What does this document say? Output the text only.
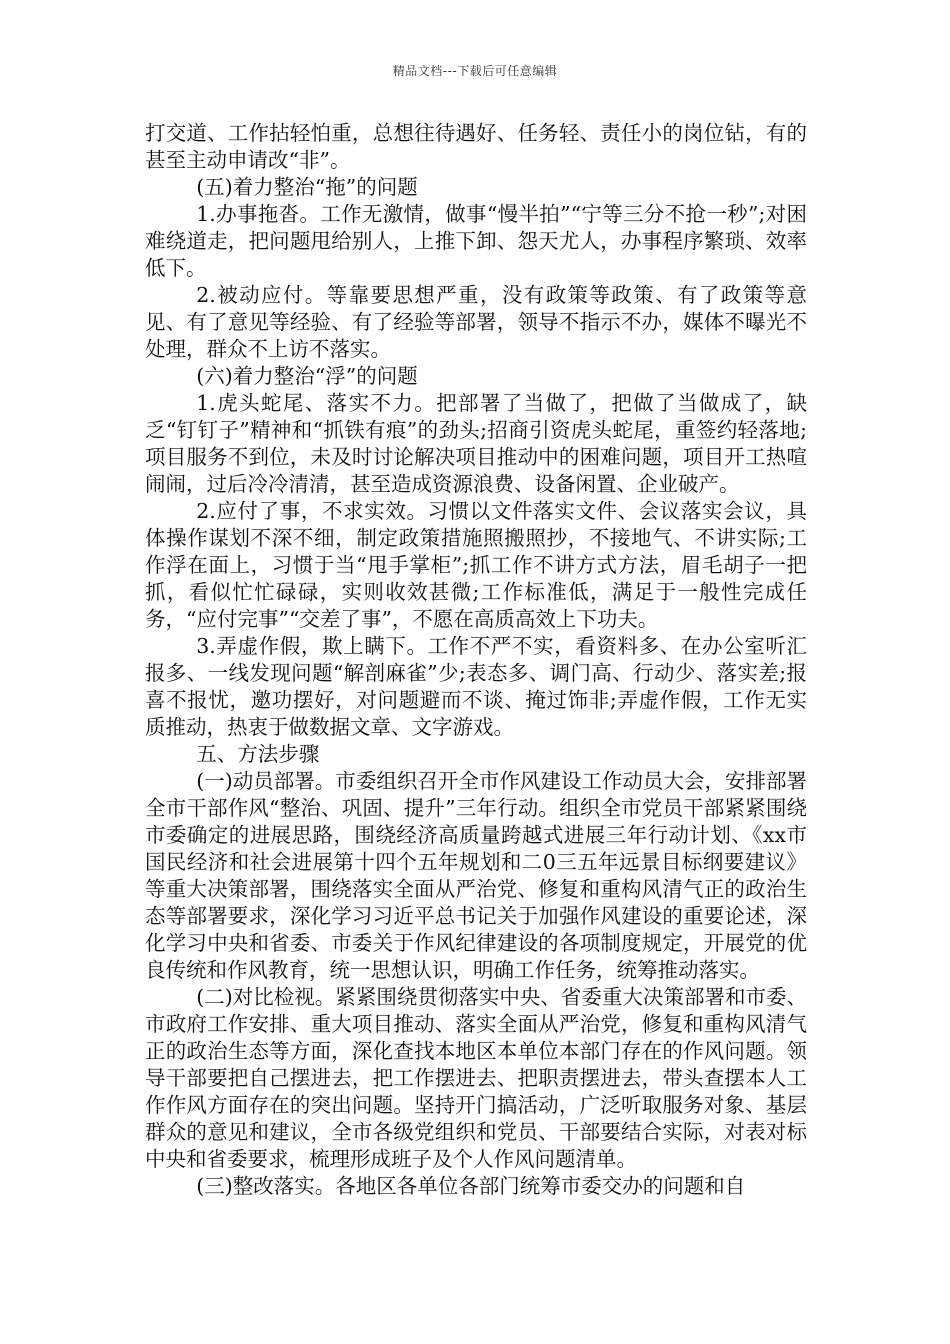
精品文档---下载后可任意编辑

打交道、工作拈轻怕重，总想往待遇好、任务轻、责任小的岗位钻，有的甚至主动申请改“非”。

(五)着力整治“拖”的问题

1.办事拖沓。工作无激情，做事“慢半拍”“宁等三分不抢一秒”;对困难绕道走，把问题甩给别人，上推下卸、怨天尤人，办事程序繁琐、效率低下。

2.被动应付。等靠要思想严重，没有政策等政策、有了政策等意见、有了意见等经验、有了经验等部署，领导不指示不办，媒体不曝光不处理，群众不上访不落实。

(六)着力整治“浮”的问题

1.虎头蛇尾、落实不力。把部署了当做了，把做了当做成了，缺乏“钉钉子”精神和“抓铁有痕”的劲头;招商引资虎头蛇尾，重签约轻落地;项目服务不到位，未及时讨论解决项目推动中的困难问题，项目开工热喧闹闹，过后冷冷清清，甚至造成资源浪费、设备闲置、企业破产。

2.应付了事，不求实效。习惯以文件落实文件、会议落实会议，具体操作谋划不深不细，制定政策措施照搬照抄，不接地气、不讲实际;工作浮在面上，习惯于当“甩手掌柜”;抓工作不讲方式方法，眉毛胡子一把抓，看似忙忙碌碌，实则收效甚微;工作标准低，满足于一般性完成任务，“应付完事”“交差了事”，不愿在高质高效上下功夫。

3.弄虚作假，欺上瞒下。工作不严不实，看资料多、在办公室听汇报多、一线发现问题“解剖麻雀”少;表态多、调门高、行动少、落实差;报喜不报忧，邀功摆好，对问题避而不谈、掩过饰非;弄虚作假，工作无实质推动，热衷于做数据文章、文字游戏。

五、方法步骤

(一)动员部署。市委组织召开全市作风建设工作动员大会，安排部署全市干部作风“整治、巩固、提升”三年行动。组织全市党员干部紧紧围绕市委确定的进展思路，围绕经济高质量跨越式进展三年行动计划、《xx市国民经济和社会进展第十四个五年规划和二0三五年远景目标纲要建议》等重大决策部署，围绕落实全面从严治党、修复和重构风清气正的政治生态等部署要求，深化学习习近平总书记关于加强作风建设的重要论述，深化学习中央和省委、市委关于作风纪律建设的各项制度规定，开展党的优良传统和作风教育，统一思想认识，明确工作任务，统筹推动落实。

(二)对比检视。紧紧围绕贯彻落实中央、省委重大决策部署和市委、市政府工作安排、重大项目推动、落实全面从严治党，修复和重构风清气正的政治生态等方面，深化查找本地区本单位本部门存在的作风问题。领导干部要把自己摆进去，把工作摆进去、把职责摆进去，带头查摆本人工作作风方面存在的突出问题。坚持开门搞活动，广泛听取服务对象、基层群众的意见和建议，全市各级党组织和党员、干部要结合实际，对表对标中央和省委要求，梳理形成班子及个人作风问题清单。

(三)整改落实。各地区各单位各部门统筹市委交办的问题和自
